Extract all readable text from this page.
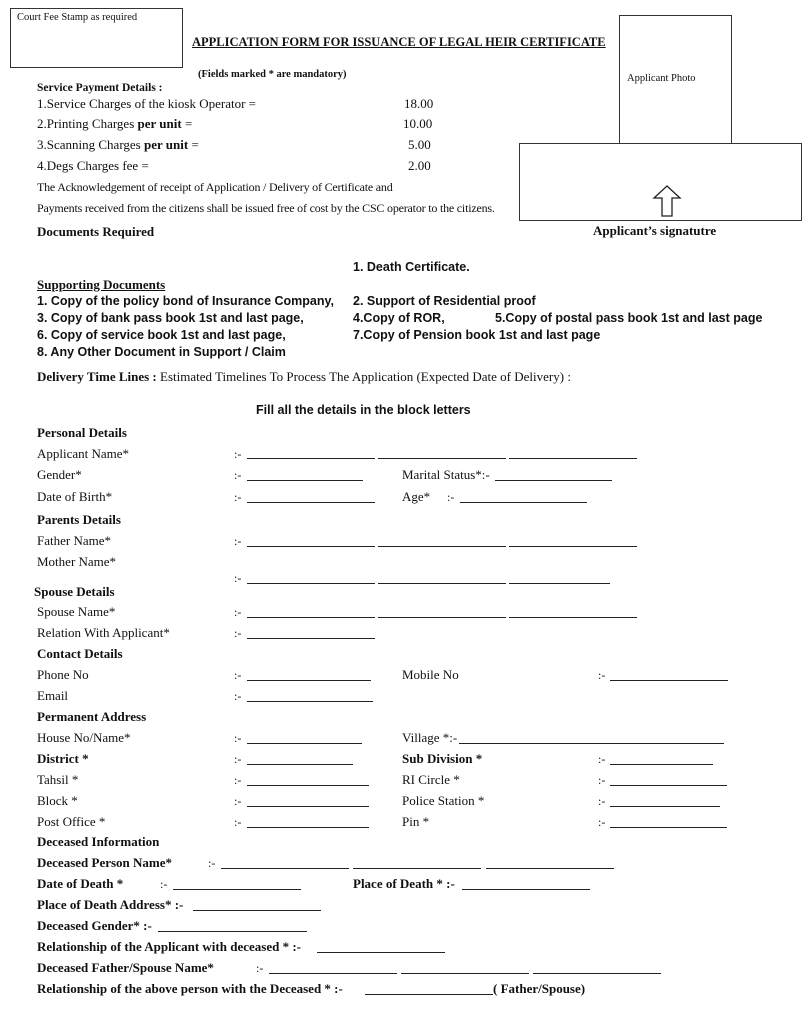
Court Fee Stamp as required
APPLICATION FORM FOR ISSUANCE OF LEGAL HEIR CERTIFICATE
(Fields marked * are mandatory)	Applicant Photo
Applicant’s signatutre
Service Payment Details :
1.Service Charges of the kiosk Operator =	18.00
2.Printing Charges per unit =	10.00
3.Scanning Charges per unit =	5.00
4.Degs Charges fee =	2.00
The Acknowledgement of receipt of Application / Delivery of Certificate and
Payments received from the citizens shall be issued free of cost by the CSC operator to the citizens.
Documents Required
1. Death Certificate.
Supporting Documents
1. Copy of the policy bond of Insurance Company, 2. Support of Residential proof
3. Copy of bank pass book 1st and last page,	4.Copy of ROR,	5.Copy of postal pass book 1st and last page
6. Copy of service book 1st and last page,	7.Copy of Pension book 1st and last page
8. Any Other Document in Support / Claim
Delivery Time Lines : Estimated Timelines To Process The Application (Expected Date of Delivery) :
Fill all the details in the block letters
Personal Details
Applicant Name*	:-
Gender*	:-	Marital Status*:-
Date of Birth*	:-	Age* :-
Parents Details
Father Name*	:-
Mother Name*
:-
Spouse Details
Spouse Name*	:-
Relation With Applicant*	:-
Contact Details
Phone No	:-	Mobile No	:-
Email	:-
Permanent Address
House No/Name*	:-	Village *:-
District *	:-	Sub Division *	:-
Tahsil *	:-	RI Circle *	:-
Block *	:-	Police Station *	:-
Post Office *	:-	Pin *	:-
Deceased Information
Deceased Person Name*	:-
Date of Death *	:-	Place of Death * :-
Place of Death Address* :-
Deceased Gender* :-
Relationship of the Applicant with deceased * :-
Deceased Father/Spouse Name*	:-
Relationship of the above person with the Deceased * :-	( Father/Spouse)
